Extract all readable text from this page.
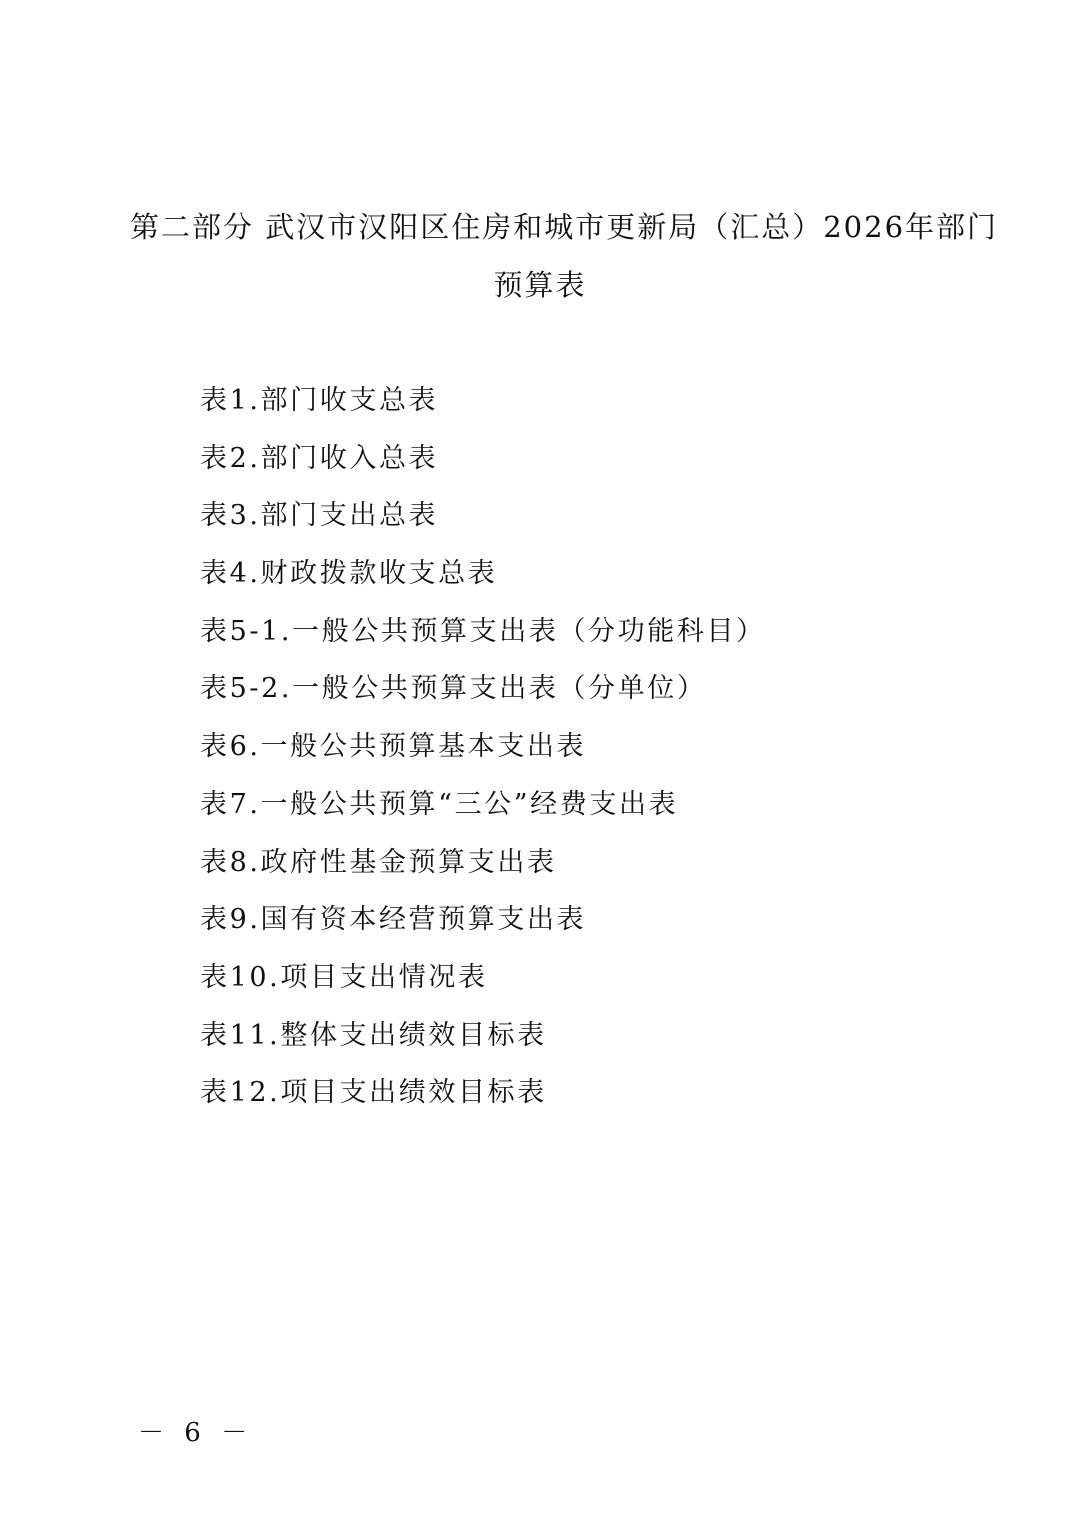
第二部分 武汉市汉阳区住房和城市更新局（汇总）2026年部门
预算表
表1.部门收支总表
表2.部门收入总表
表3.部门支出总表
表4.财政拨款收支总表
表5-1.一般公共预算支出表（分功能科目）
表5-2.一般公共预算支出表（分单位）
表6.一般公共预算基本支出表
表7.一般公共预算“三公”经费支出表
表8.政府性基金预算支出表
表9.国有资本经营预算支出表
表10.项目支出情况表
表11.整体支出绩效目标表
表12.项目支出绩效目标表
－ 6 －
